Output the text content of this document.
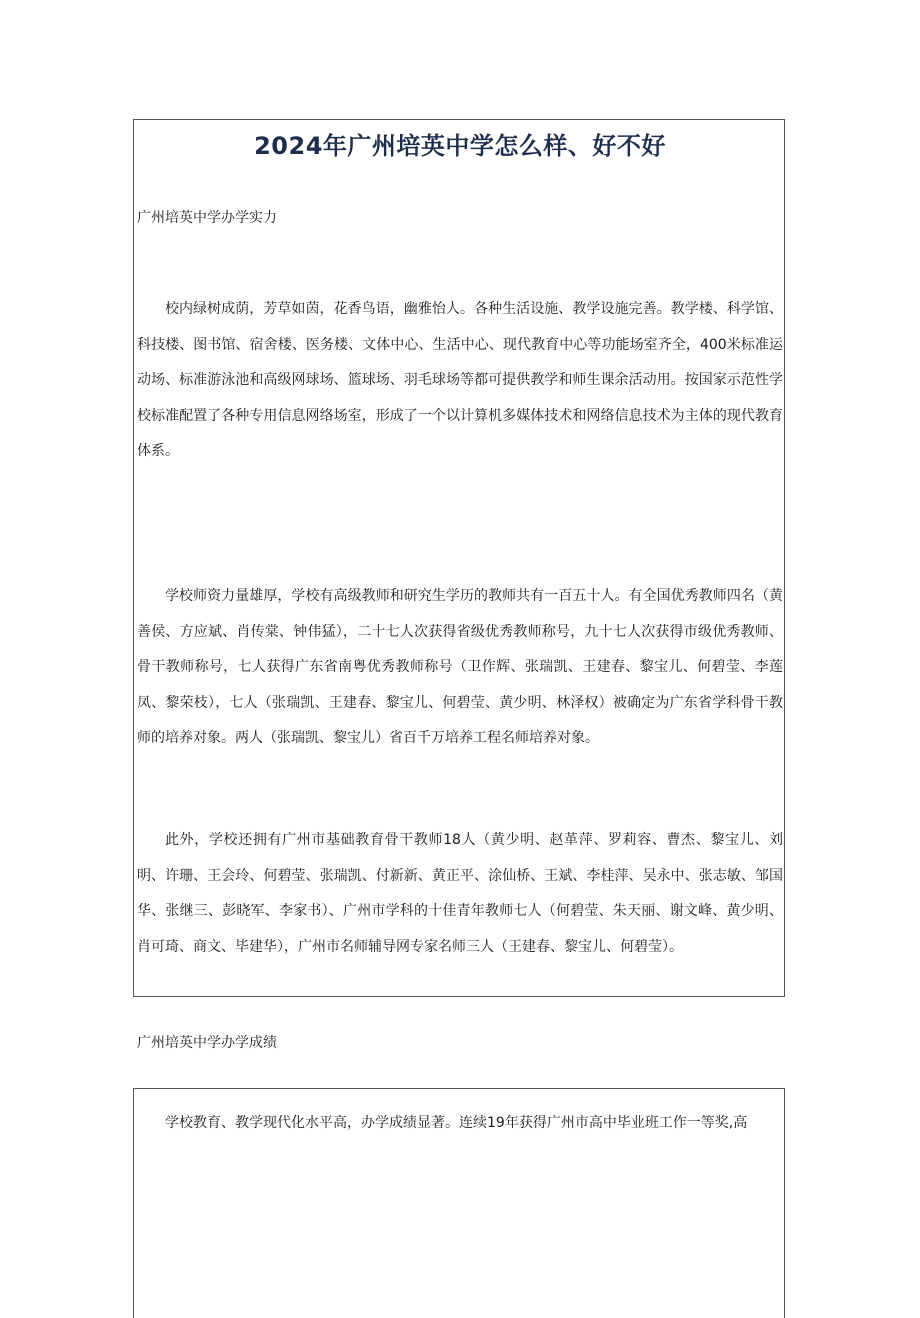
2024年广州培英中学怎么样、好不好
广州培英中学办学实力

校内绿树成荫，芳草如茵，花香鸟语，幽雅怡人。各种生活设施、教学设施完善。教学楼、科学馆、科技楼、图书馆、宿舍楼、医务楼、文体中心、生活中心、现代教育中心等功能场室齐全，400米标准运动场、标准游泳池和高级网球场、篮球场、羽毛球场等都可提供教学和师生课余活动用。按国家示范性学校标准配置了各种专用信息网络场室，形成了一个以计算机多媒体技术和网络信息技术为主体的现代教育体系。

学校师资力量雄厚，学校有高级教师和研究生学历的教师共有一百五十人。有全国优秀教师四名（黄善侯、方应斌、肖传棠、钟伟猛），二十七人次获得省级优秀教师称号，九十七人次获得市级优秀教师、骨干教师称号，七人获得广东省南粤优秀教师称号（卫作辉、张瑞凯、王建春、黎宝儿、何碧莹、李莲凤、黎荣枝），七人（张瑞凯、王建春、黎宝儿、何碧莹、黄少明、林泽权）被确定为广东省学科骨干教师的培养对象。两人（张瑞凯、黎宝儿）省百千万培养工程名师培养对象。

此外，学校还拥有广州市基础教育骨干教师18人（黄少明、赵革萍、罗莉容、曹杰、黎宝儿、刘明、许珊、王会玲、何碧莹、张瑞凯、付新新、黄正平、涂仙桥、王斌、李桂萍、吴永中、张志敏、邹国华、张继三、彭晓军、李家书）、广州市学科的十佳青年教师七人（何碧莹、朱天丽、谢文峰、黄少明、肖可琦、商文、毕建华），广州市名师辅导网专家名师三人（王建春、黎宝儿、何碧莹）。

广州培英中学办学成绩

学校教育、教学现代化水平高，办学成绩显著。连续19年获得广州市高中毕业班工作一等奖,高
